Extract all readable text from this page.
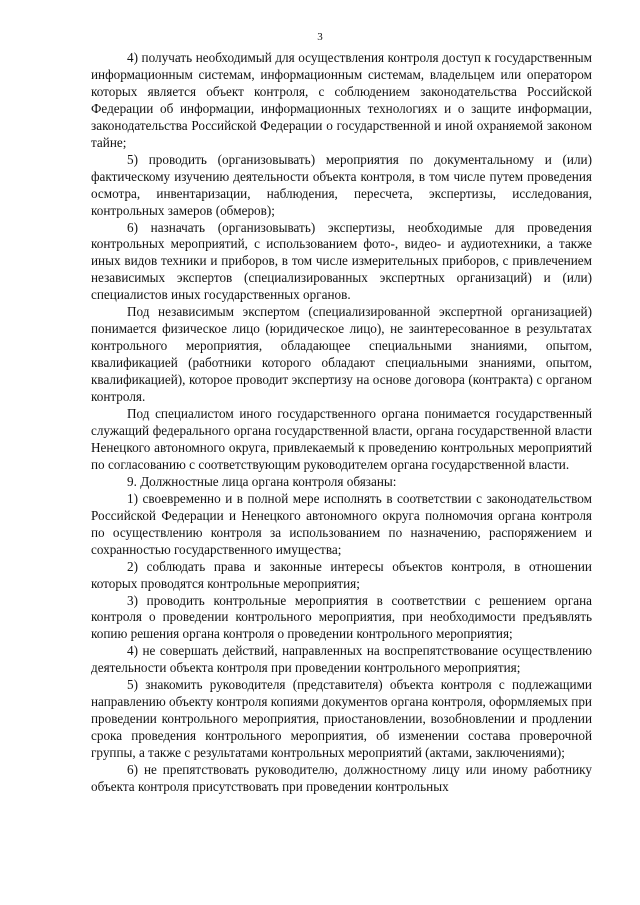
3

4) получать необходимый для осуществления контроля доступ к государственным информационным системам, информационным системам, владельцем или оператором которых является объект контроля, с соблюдением законодательства Российской Федерации об информации, информационных технологиях и о защите информации, законодательства Российской Федерации о государственной и иной охраняемой законом тайне;

5) проводить (организовывать) мероприятия по документальному и (или) фактическому изучению деятельности объекта контроля, в том числе путем проведения осмотра, инвентаризации, наблюдения, пересчета, экспертизы, исследования, контрольных замеров (обмеров);

6) назначать (организовывать) экспертизы, необходимые для проведения контрольных мероприятий, с использованием фото-, видео- и аудиотехники, а также иных видов техники и приборов, в том числе измерительных приборов, с привлечением независимых экспертов (специализированных экспертных организаций) и (или) специалистов иных государственных органов.

Под независимым экспертом (специализированной экспертной организацией) понимается физическое лицо (юридическое лицо), не заинтересованное в результатах контрольного мероприятия, обладающее специальными знаниями, опытом, квалификацией (работники которого обладают специальными знаниями, опытом, квалификацией), которое проводит экспертизу на основе договора (контракта) с органом контроля.

Под специалистом иного государственного органа понимается государственный служащий федерального органа государственной власти, органа государственной власти Ненецкого автономного округа, привлекаемый к проведению контрольных мероприятий по согласованию с соответствующим руководителем органа государственной власти.

9. Должностные лица органа контроля обязаны:

1) своевременно и в полной мере исполнять в соответствии с законодательством Российской Федерации и Ненецкого автономного округа полномочия органа контроля по осуществлению контроля за использованием по назначению, распоряжением и сохранностью государственного имущества;

2) соблюдать права и законные интересы объектов контроля, в отношении которых проводятся контрольные мероприятия;

3) проводить контрольные мероприятия в соответствии с решением органа контроля о проведении контрольного мероприятия, при необходимости предъявлять копию решения органа контроля о проведении контрольного мероприятия;

4) не совершать действий, направленных на воспрепятствование осуществлению деятельности объекта контроля при проведении контрольного мероприятия;

5) знакомить руководителя (представителя) объекта контроля с подлежащими направлению объекту контроля копиями документов органа контроля, оформляемых при проведении контрольного мероприятия, приостановлении, возобновлении и продлении срока проведения контрольного мероприятия, об изменении состава проверочной группы, а также с результатами контрольных мероприятий (актами, заключениями);

6) не препятствовать руководителю, должностному лицу или иному работнику объекта контроля присутствовать при проведении контрольных
